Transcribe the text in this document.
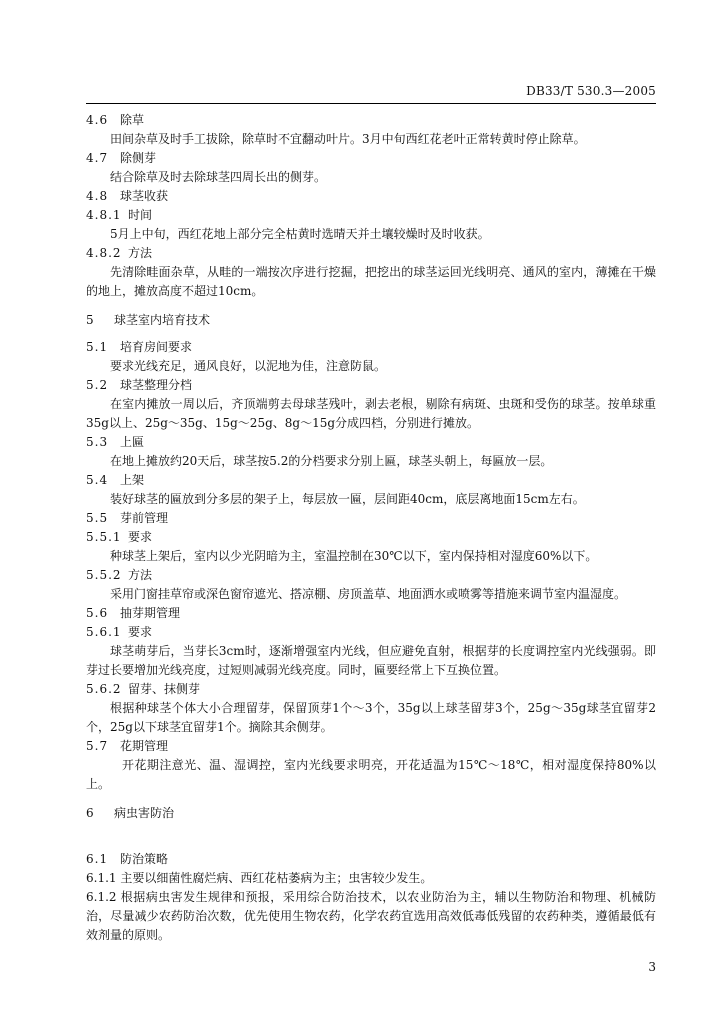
DB33/T 530.3—2005
4.6 除草
田间杂草及时手工拔除，除草时不宜翻动叶片。3月中旬西红花老叶正常转黄时停止除草。
4.7 除侧芽
结合除草及时去除球茎四周长出的侧芽。
4.8 球茎收获
4.8.1 时间
5月上中旬，西红花地上部分完全枯黄时选晴天并土壤较燥时及时收获。
4.8.2 方法
先清除畦面杂草，从畦的一端按次序进行挖掘，把挖出的球茎运回光线明亮、通风的室内，薄摊在干燥的地上，摊放高度不超过10cm。
5 球茎室内培育技术
5.1 培育房间要求
要求光线充足，通风良好，以泥地为佳，注意防鼠。
5.2 球茎整理分档
在室内摊放一周以后，齐顶端剪去母球茎残叶，剥去老根，剔除有病斑、虫斑和受伤的球茎。按单球重35g以上、25g～35g、15g～25g、8g～15g分成四档，分别进行摊放。
5.3 上匾
在地上摊放约20天后，球茎按5.2的分档要求分别上匾，球茎头朝上，每匾放一层。
5.4 上架
装好球茎的匾放到分多层的架子上，每层放一匾，层间距40cm，底层离地面15cm左右。
5.5 芽前管理
5.5.1 要求
种球茎上架后，室内以少光阴暗为主，室温控制在30℃以下，室内保持相对湿度60%以下。
5.5.2 方法
采用门窗挂草帘或深色窗帘遮光、搭凉棚、房顶盖草、地面洒水或喷雾等措施来调节室内温湿度。
5.6 抽芽期管理
5.6.1 要求
球茎萌芽后，当芽长3cm时，逐渐增强室内光线，但应避免直射，根据芽的长度调控室内光线强弱。即芽过长要增加光线亮度，过短则减弱光线亮度。同时，匾要经常上下互换位置。
5.6.2 留芽、抹侧芽
根据种球茎个体大小合理留芽，保留顶芽1个～3个，35g以上球茎留芽3个，25g～35g球茎宜留芽2个，25g以下球茎宜留芽1个。摘除其余侧芽。
5.7 花期管理
开花期注意光、温、湿调控，室内光线要求明亮，开花适温为15℃～18℃，相对湿度保持80%以上。
6 病虫害防治
6.1 防治策略
6.1.1 主要以细菌性腐烂病、西红花枯萎病为主；虫害较少发生。
6.1.2 根据病虫害发生规律和预报，采用综合防治技术，以农业防治为主，辅以生物防治和物理、机械防治，尽量减少农药防治次数，优先使用生物农药，化学农药宜选用高效低毒低残留的农药种类，遵循最低有效剂量的原则。
3
